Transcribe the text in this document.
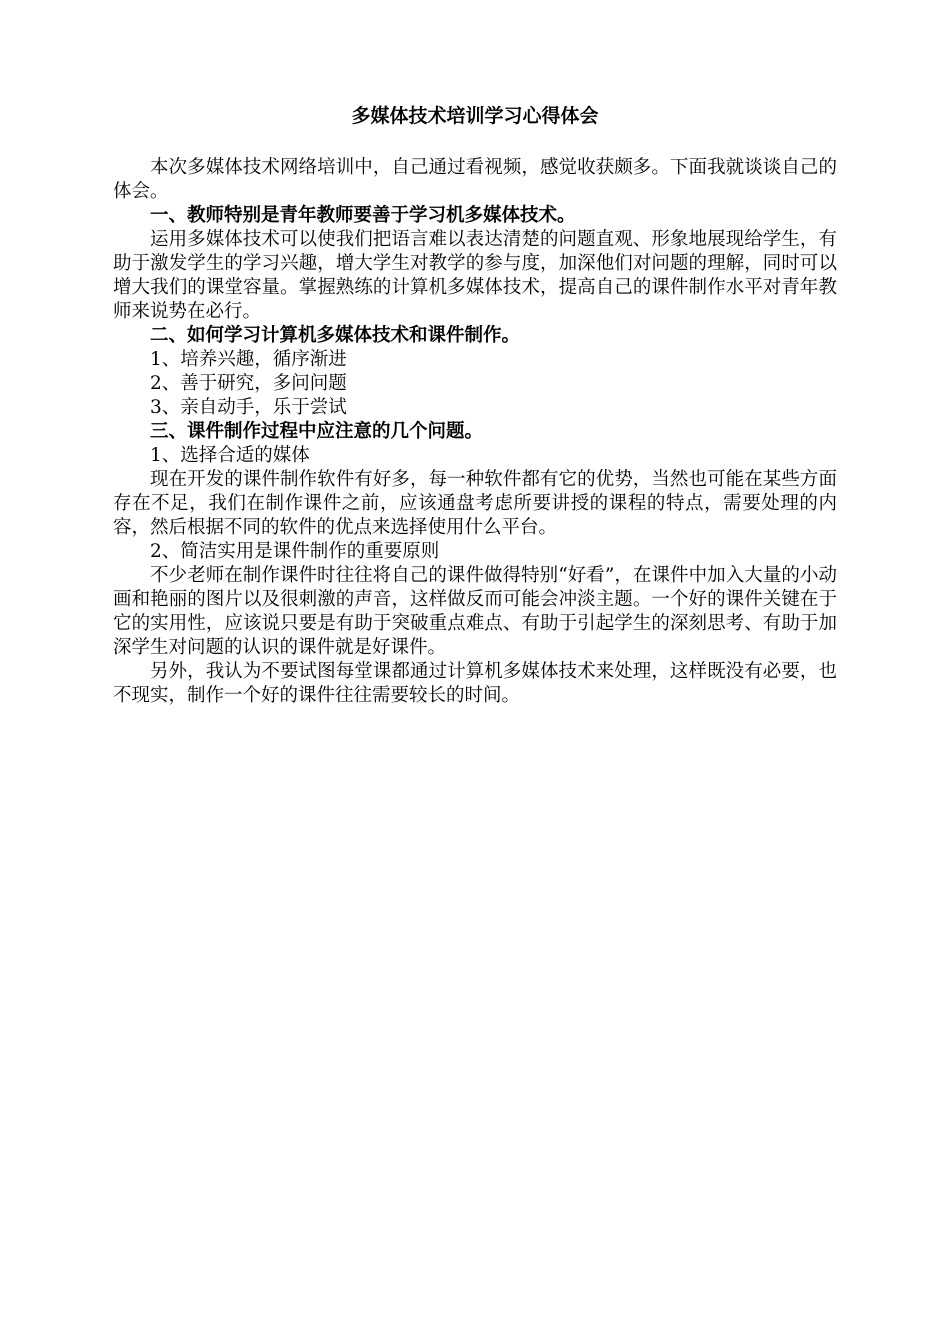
多媒体技术培训学习心得体会

本次多媒体技术网络培训中，自己通过看视频，感觉收获颇多。下面我就谈谈自己的体会。

一、教师特别是青年教师要善于学习机多媒体技术。

运用多媒体技术可以使我们把语言难以表达清楚的问题直观、形象地展现给学生，有助于激发学生的学习兴趣，增大学生对教学的参与度，加深他们对问题的理解，同时可以增大我们的课堂容量。掌握熟练的计算机多媒体技术，提高自己的课件制作水平对青年教师来说势在必行。

二、如何学习计算机多媒体技术和课件制作。

1、培养兴趣，循序渐进

2、善于研究，多问问题

3、亲自动手，乐于尝试

三、课件制作过程中应注意的几个问题。

1、选择合适的媒体

现在开发的课件制作软件有好多，每一种软件都有它的优势，当然也可能在某些方面存在不足，我们在制作课件之前，应该通盘考虑所要讲授的课程的特点，需要处理的内容，然后根据不同的软件的优点来选择使用什么平台。

2、简洁实用是课件制作的重要原则

不少老师在制作课件时往往将自己的课件做得特别“好看”，在课件中加入大量的小动画和艳丽的图片以及很刺激的声音，这样做反而可能会冲淡主题。一个好的课件关键在于它的实用性，应该说只要是有助于突破重点难点、有助于引起学生的深刻思考、有助于加深学生对问题的认识的课件就是好课件。

另外，我认为不要试图每堂课都通过计算机多媒体技术来处理，这样既没有必要，也不现实，制作一个好的课件往往需要较长的时间。
